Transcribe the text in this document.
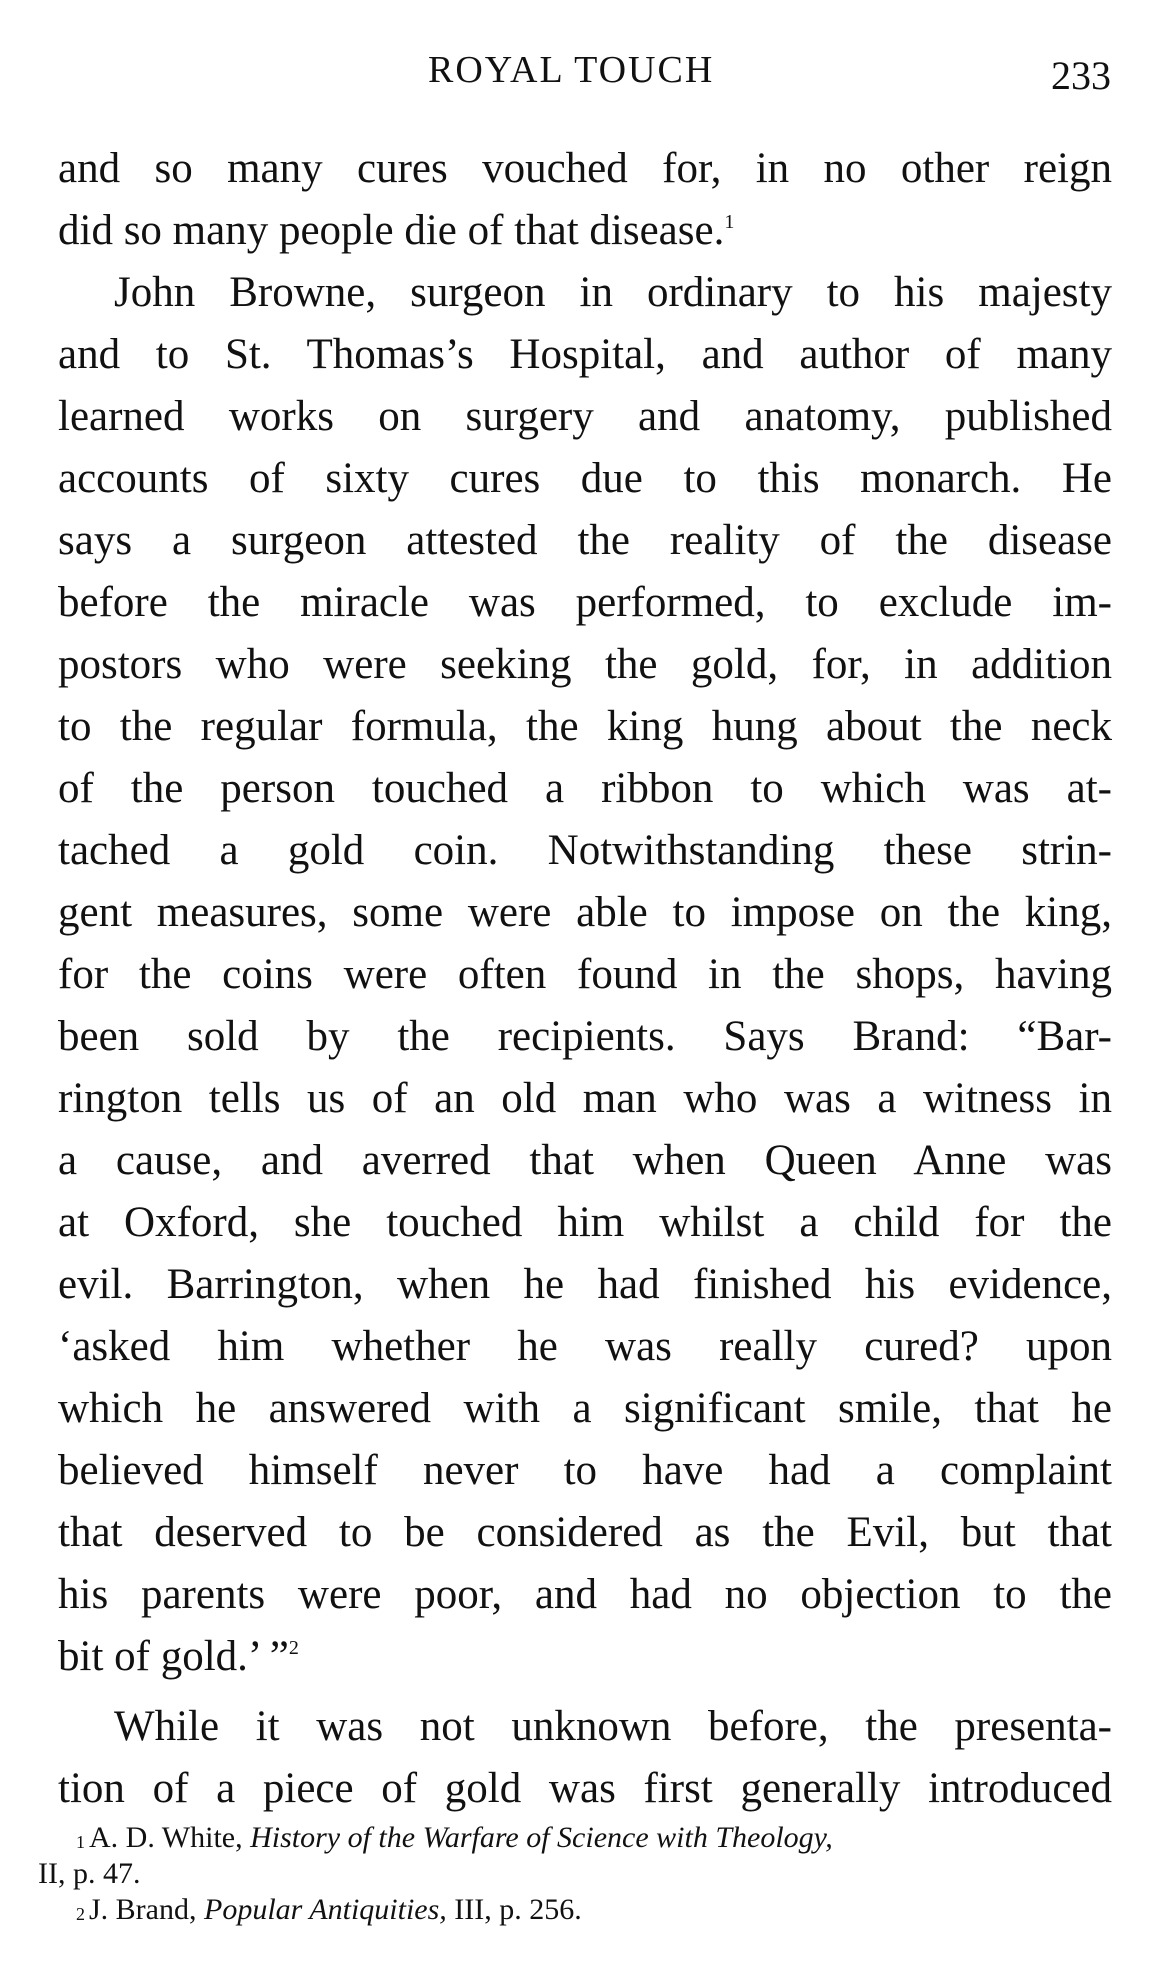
ROYAL TOUCH	233
and so many cures vouched for, in no other reign
did so many people die of that disease.$^1$
John Browne, surgeon in ordinary to his majesty
and to St. Thomas’s Hospital, and author of many
learned works on surgery and anatomy, published
accounts of sixty cures due to this monarch. He
says a surgeon attested the reality of the disease
before the miracle was performed, to exclude im-
postors who were seeking the gold, for, in addition
to the regular formula, the king hung about the neck
of the person touched a ribbon to which was at-
tached a gold coin. Notwithstanding these strin-
gent measures, some were able to impose on the king,
for the coins were often found in the shops, having
been sold by the recipients. Says Brand: “Bar-
rington tells us of an old man who was a witness in
a cause, and averred that when Queen Anne was
at Oxford, she touched him whilst a child for the
evil. Barrington, when he had finished his evidence,
‘asked him whether he was really cured? upon
which he answered with a significant smile, that he
believed himself never to have had a complaint
that deserved to be considered as the Evil, but that
his parents were poor, and had no objection to the
bit of gold.’ ”$^2$
While it was not unknown before, the presenta-
tion of a piece of gold was first generally introduced
$^1$ A. D. White, History of the Warfare of Science with Theology,
II, p. 47.
$^2$ J. Brand, Popular Antiquities, III, p. 256.
